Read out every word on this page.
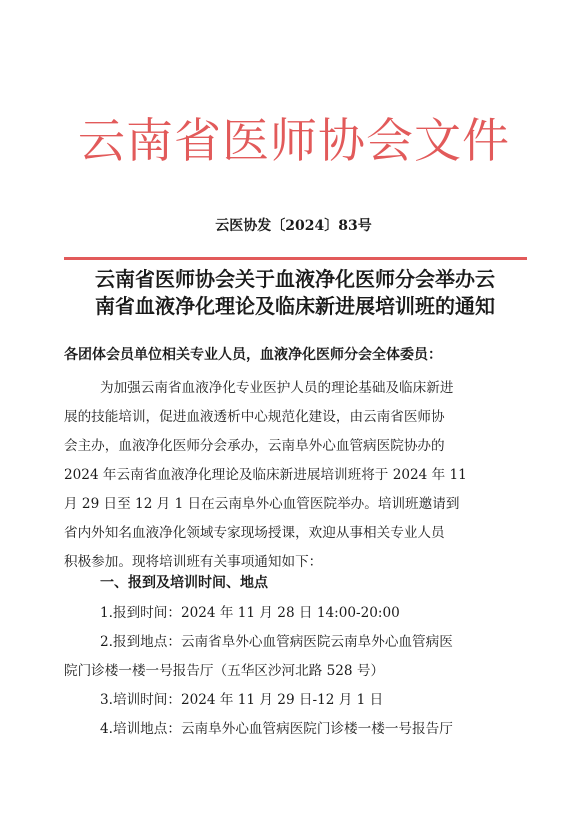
云南省医师协会文件
云医协发〔2024〕83号
云南省医师协会关于血液净化医师分会举办云
南省血液净化理论及临床新进展培训班的通知
各团体会员单位相关专业人员，血液净化医师分会全体委员：
为加强云南省血液净化专业医护人员的理论基础及临床新进
展的技能培训，促进血液透析中心规范化建设，由云南省医师协
会主办，血液净化医师分会承办，云南阜外心血管病医院协办的
2024 年云南省血液净化理论及临床新进展培训班将于 2024 年 11
月 29 日至 12 月 1 日在云南阜外心血管医院举办。培训班邀请到
省内外知名血液净化领域专家现场授课，欢迎从事相关专业人员
积极参加。现将培训班有关事项通知如下：
一、报到及培训时间、地点
1.报到时间：2024 年 11 月 28 日 14:00-20:00
2.报到地点：云南省阜外心血管病医院云南阜外心血管病医
院门诊楼一楼一号报告厅（五华区沙河北路 528 号）
3.培训时间：2024 年 11 月 29 日-12 月 1 日
4.培训地点：云南阜外心血管病医院门诊楼一楼一号报告厅
